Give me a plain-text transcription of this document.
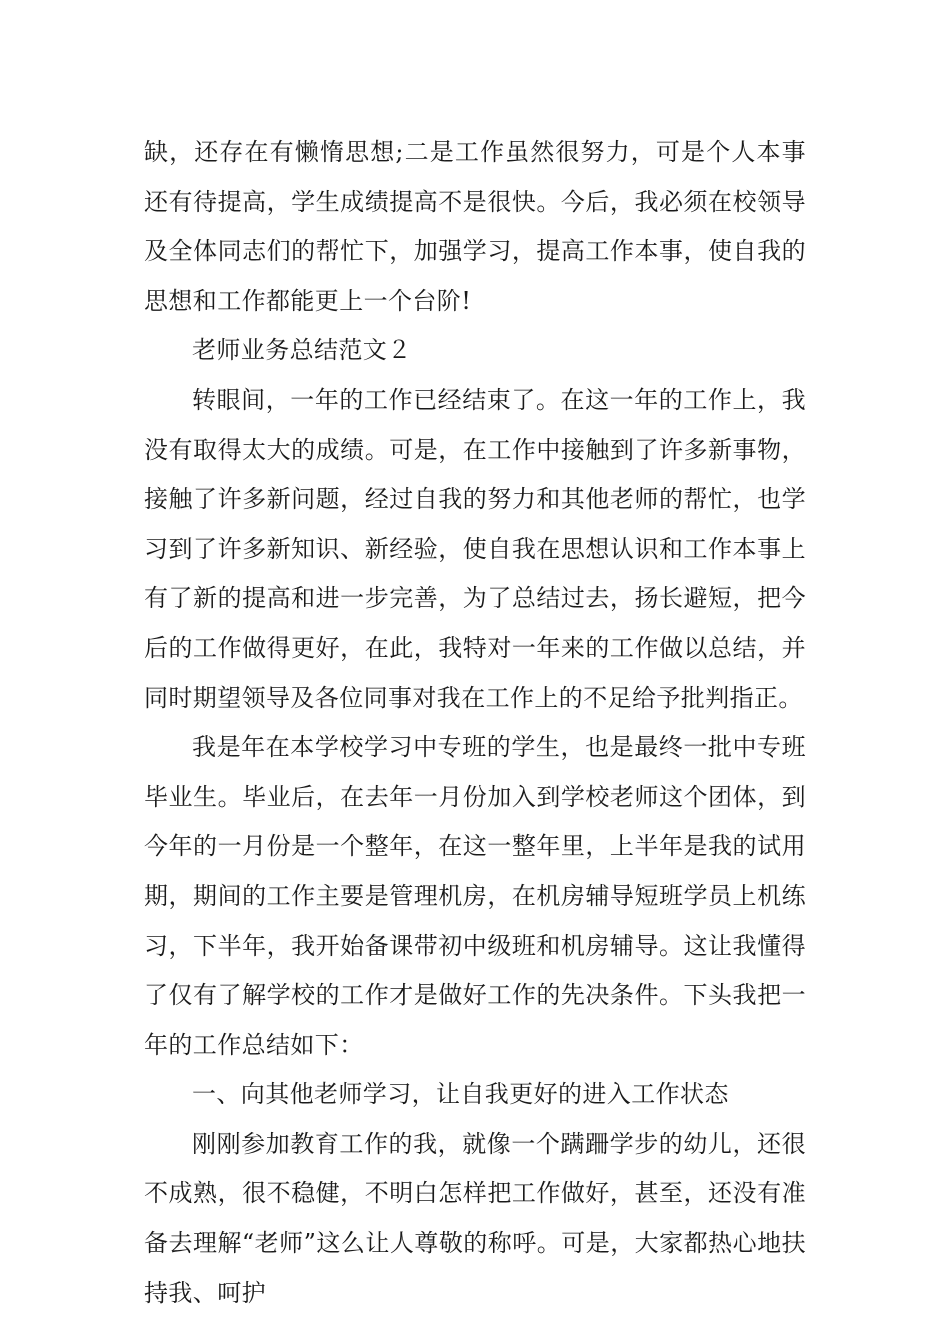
缺，还存在有懒惰思想;二是工作虽然很努力，可是个人本事还有待提高，学生成绩提高不是很快。今后，我必须在校领导及全体同志们的帮忙下，加强学习，提高工作本事，使自我的思想和工作都能更上一个台阶!

老师业务总结范文２

转眼间，一年的工作已经结束了。在这一年的工作上，我没有取得太大的成绩。可是，在工作中接触到了许多新事物，接触了许多新问题，经过自我的努力和其他老师的帮忙，也学习到了许多新知识、新经验，使自我在思想认识和工作本事上有了新的提高和进一步完善，为了总结过去，扬长避短，把今后的工作做得更好，在此，我特对一年来的工作做以总结，并同时期望领导及各位同事对我在工作上的不足给予批判指正。

我是年在本学校学习中专班的学生，也是最终一批中专班毕业生。毕业后，在去年一月份加入到学校老师这个团体，到今年的一月份是一个整年，在这一整年里，上半年是我的试用期，期间的工作主要是管理机房，在机房辅导短班学员上机练习，下半年，我开始备课带初中级班和机房辅导。这让我懂得了仅有了解学校的工作才是做好工作的先决条件。下头我把一年的工作总结如下：

一、向其他老师学习，让自我更好的进入工作状态

刚刚参加教育工作的我，就像一个蹒跚学步的幼儿，还很不成熟，很不稳健，不明白怎样把工作做好，甚至，还没有准备去理解“老师”这么让人尊敬的称呼。可是，大家都热心地扶持我、呵护
